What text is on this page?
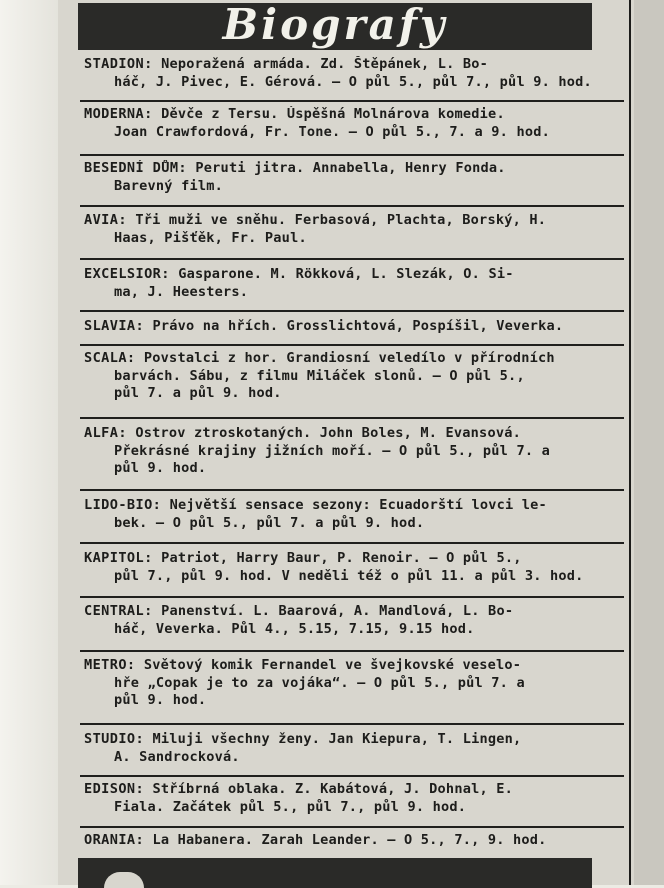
Biografy
STADION: Neporažená armáda. Zd. Štěpánek, L. Bo-
háč, J. Pivec, E. Gérová. — O půl 5., půl 7., půl 9. hod.
MODERNA: Děvče z Tersu. Úspěšná Molnárova komedie.
Joan Crawfordová, Fr. Tone. — O půl 5., 7. a 9. hod.
BESEDNÍ DŮM: Peruti jitra. Annabella, Henry Fonda.
Barevný film.
AVIA: Tři muži ve sněhu. Ferbasová, Plachta, Borský, H.
Haas, Pišťěk, Fr. Paul.
EXCELSIOR: Gasparone. M. Rökková, L. Slezák, O. Si-
ma, J. Heesters.
SLAVIA: Právo na hřích. Grosslichtová, Pospíšil, Veverka.
SCALA: Povstalci z hor. Grandiosní veledílo v přírodních
barvách. Sábu, z filmu Miláček slonů. — O půl 5.,
půl 7. a půl 9. hod.
ALFA: Ostrov ztroskotaných. John Boles, M. Evansová.
Překrásné krajiny jižních moří. — O půl 5., půl 7. a
půl 9. hod.
LIDO-BIO: Největší sensace sezony: Ecuadorští lovci le-
bek. — O půl 5., půl 7. a půl 9. hod.
KAPITOL: Patriot, Harry Baur, P. Renoir. — O půl 5.,
půl 7., půl 9. hod. V neděli též o půl 11. a půl 3. hod.
CENTRAL: Panenství. L. Baarová, A. Mandlová, L. Bo-
háč, Veverka. Půl 4., 5.15, 7.15, 9.15 hod.
METRO: Světový komik Fernandel ve švejkovské veselo-
hře „Copak je to za vojáka“. — O půl 5., půl 7. a
půl 9. hod.
STUDIO: Miluji všechny ženy. Jan Kiepura, T. Lingen,
A. Sandrocková.
EDISON: Stříbrná oblaka. Z. Kabátová, J. Dohnal, E.
Fiala. Začátek půl 5., půl 7., půl 9. hod.
ORANIA: La Habanera. Zarah Leander. — O 5., 7., 9. hod.
